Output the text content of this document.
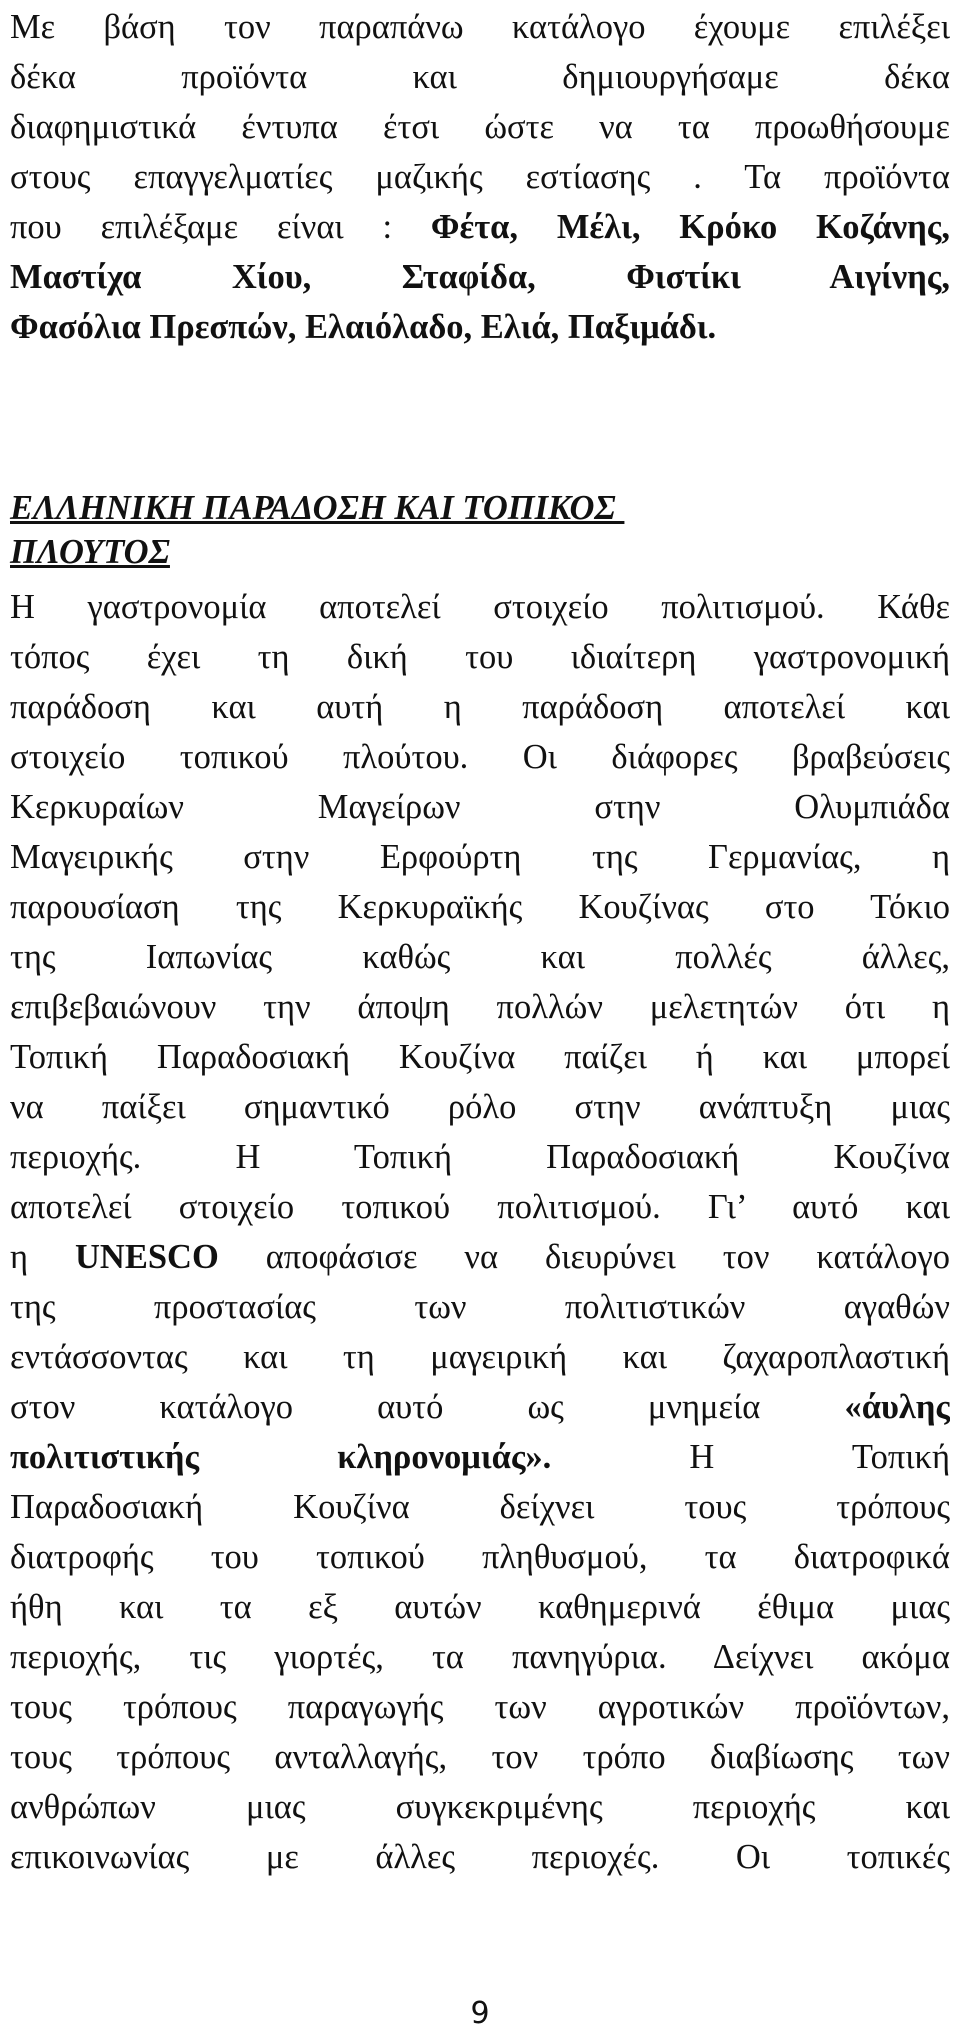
Με βάση τον παραπάνω κατάλογο έχουμε επιλέξει
δέκα προϊόντα και δημιουργήσαμε δέκα
διαφημιστικά έντυπα έτσι ώστε να τα προωθήσουμε
στους επαγγελματίες μαζικής εστίασης . Τα προϊόντα
που επιλέξαμε είναι : Φέτα, Μέλι, Κρόκο Κοζάνης,
Μαστίχα Χίου, Σταφίδα, Φιστίκι Αιγίνης,
Φασόλια Πρεσπών, Ελαιόλαδο, Ελιά, Παξιμάδι.
ΕΛΛΗΝΙΚΗ ΠΑΡΑΔΟΣΗ ΚΑΙ ΤΟΠΙΚΟΣ
ΠΛΟΥΤΟΣ
Η γαστρονομία αποτελεί στοιχείο πολιτισμού. Κάθε
τόπος έχει τη δική του ιδιαίτερη γαστρονομική
παράδοση και αυτή η παράδοση αποτελεί και
στοιχείο τοπικού πλούτου. Οι διάφορες βραβεύσεις
Κερκυραίων Μαγείρων στην Ολυμπιάδα
Μαγειρικής στην Ερφούρτη της Γερμανίας, η
παρουσίαση της Κερκυραϊκής Κουζίνας στο Τόκιο
της Ιαπωνίας καθώς και πολλές άλλες,
επιβεβαιώνουν την άποψη πολλών μελετητών ότι η
Τοπική Παραδοσιακή Κουζίνα παίζει ή και μπορεί
να παίξει σημαντικό ρόλο στην ανάπτυξη μιας
περιοχής. Η Τοπική Παραδοσιακή Κουζίνα
αποτελεί στοιχείο τοπικού πολιτισμού. Γι’ αυτό και
η UNESCO αποφάσισε να διευρύνει τον κατάλογο
της προστασίας των πολιτιστικών αγαθών
εντάσσοντας και τη μαγειρική και ζαχαροπλαστική
στον κατάλογο αυτό ως μνημεία «άυλης
πολιτιστικής κληρονομιάς». Η Τοπική
Παραδοσιακή Κουζίνα δείχνει τους τρόπους
διατροφής του τοπικού πληθυσμού, τα διατροφικά
ήθη και τα εξ αυτών καθημερινά έθιμα μιας
περιοχής, τις γιορτές, τα πανηγύρια. Δείχνει ακόμα
τους τρόπους παραγωγής των αγροτικών προϊόντων,
τους τρόπους ανταλλαγής, τον τρόπο διαβίωσης των
ανθρώπων μιας συγκεκριμένης περιοχής και
επικοινωνίας με άλλες περιοχές. Οι τοπικές
9
